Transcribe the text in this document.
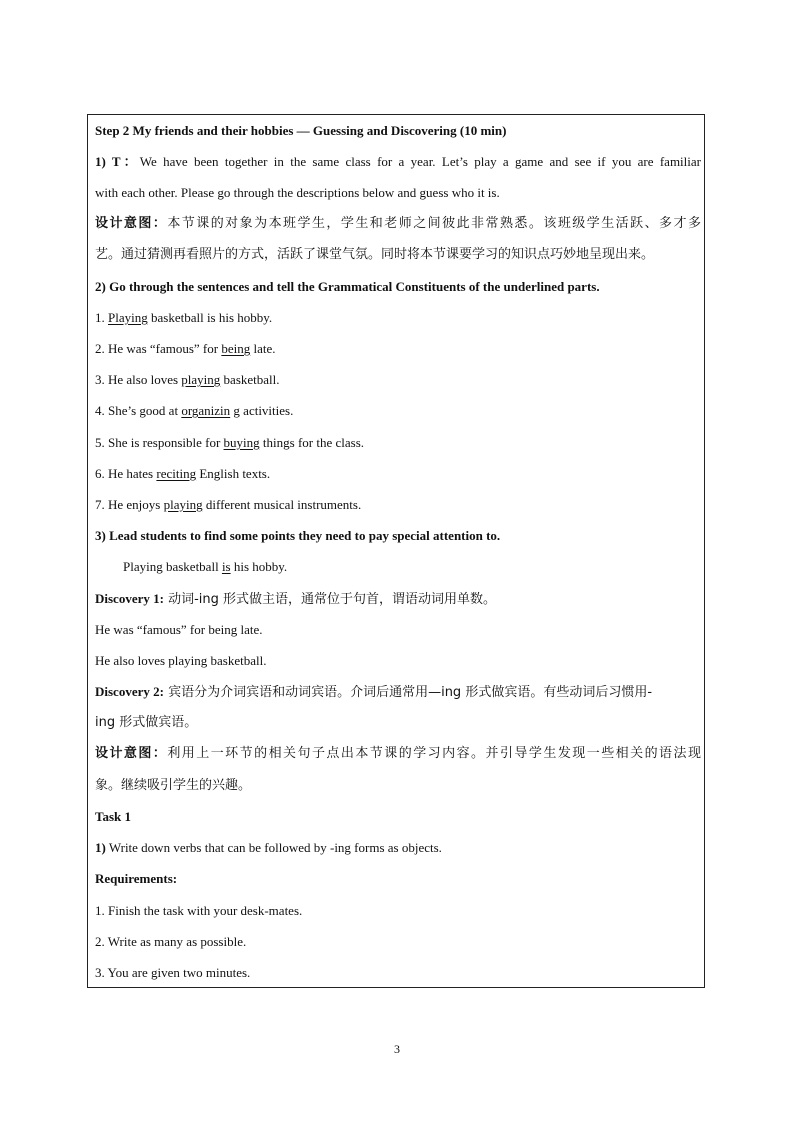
Step 2 My friends and their hobbies — Guessing and Discovering (10 min)
1) T：We have been together in the same class for a year. Let’s play a game and see if you are familiar
with each other. Please go through the descriptions below and guess who it is.
设计意图：本节课的对象为本班学生，学生和老师之间彼此非常熟悉。该班级学生活跃、多才多
艺。通过猜测再看照片的方式，活跃了课堂气氛。同时将本节课要学习的知识点巧妙地呈现出来。
2) Go through the sentences and tell the Grammatical Constituents of the underlined parts.
1. Playing basketball is his hobby.
2. He was “famous” for being late.
3. He also loves playing basketball.
4. She’s good at organizin g activities.
5. She is responsible for buying things for the class.
6. He hates reciting English texts.
7. He enjoys playing different musical instruments.
3) Lead students to find some points they need to pay special attention to.
Playing basketball is his hobby.
Discovery 1: 动词-ing 形式做主语，通常位于句首，谓语动词用单数。
He was “famous” for being late.
He also loves playing basketball.
Discovery 2: 宾语分为介词宾语和动词宾语。介词后通常用—ing 形式做宾语。有些动词后习惯用-
ing 形式做宾语。
设计意图：利用上一环节的相关句子点出本节课的学习内容。并引导学生发现一些相关的语法现
象。继续吸引学生的兴趣。
Task 1
1) Write down verbs that can be followed by -ing forms as objects.
Requirements:
1. Finish the task with your desk-mates.
2. Write as many as possible.
3. You are given two minutes.
3
